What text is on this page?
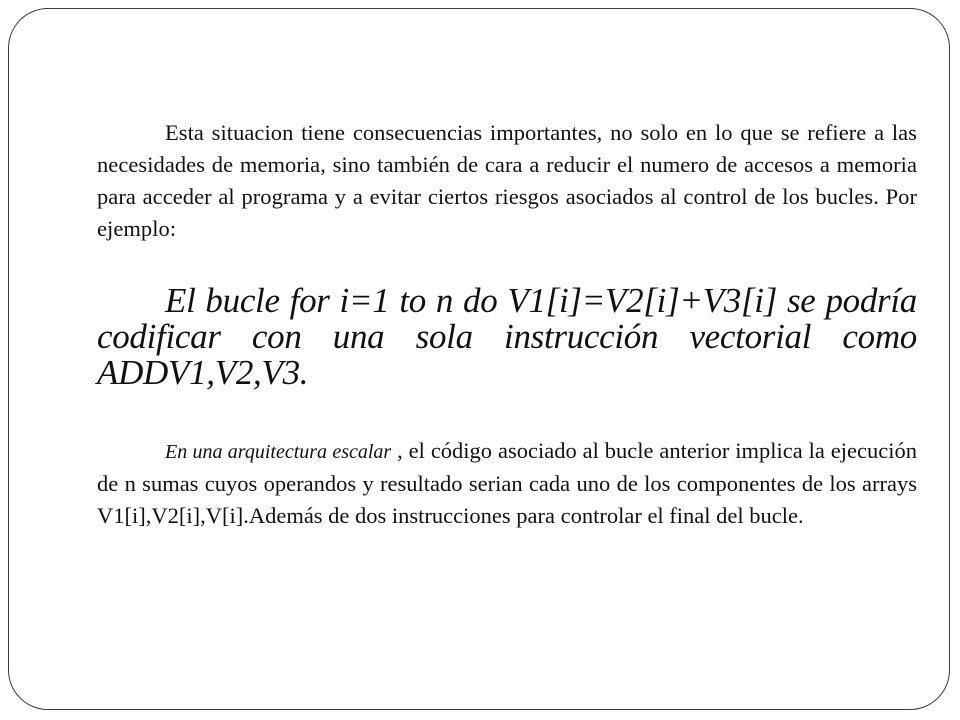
Esta situacion tiene consecuencias importantes, no solo en lo que se refiere a las necesidades de memoria, sino también de cara a reducir el numero de accesos a memoria para acceder al programa y a evitar ciertos riesgos asociados al control de los bucles. Por ejemplo:

El bucle for i=1 to n do V1[i]=V2[i]+V3[i] se podría codificar con una sola instrucción vectorial como ADDV1,V2,V3.

En una arquitectura escalar , el código asociado al bucle anterior implica la ejecución de n sumas cuyos operandos y resultado serian cada uno de los componentes de los arrays V1[i],V2[i],V[i].Además de dos instrucciones para controlar el final del bucle.
